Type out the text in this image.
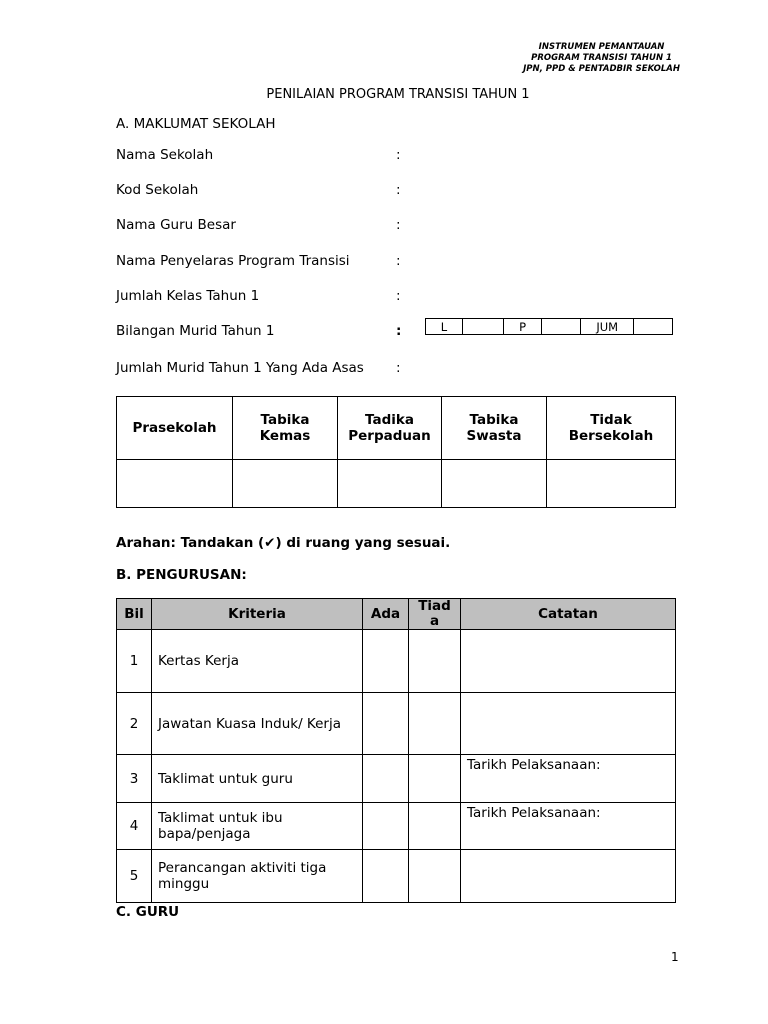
INSTRUMEN PEMANTAUAN
PROGRAM TRANSISI TAHUN 1
JPN, PPD & PENTADBIR SEKOLAH
PENILAIAN PROGRAM TRANSISI TAHUN 1
A. MAKLUMAT SEKOLAH
Nama Sekolah	:
Kod Sekolah	:
Nama Guru Besar	:
Nama Penyelaras Program Transisi	:
Jumlah Kelas Tahun 1	:
Bilangan Murid Tahun 1	:	L		P		JUM	
Jumlah Murid Tahun 1 Yang Ada Asas :
Prasekolah	Tabika Kemas	Tadika Perpaduan	Tabika Swasta	Tidak Bersekolah

Arahan: Tandakan (✔) di ruang yang sesuai.
B. PENGURUSAN:
Bil	Kriteria	Ada	Tiad a	Catatan
1	Kertas Kerja			
2	Jawatan Kuasa Induk/ Kerja			
3	Taklimat untuk guru			Tarikh Pelaksanaan:
4	Taklimat untuk ibu bapa/penjaga			Tarikh Pelaksanaan:
5	Perancangan aktiviti tiga minggu			
C. GURU
1
